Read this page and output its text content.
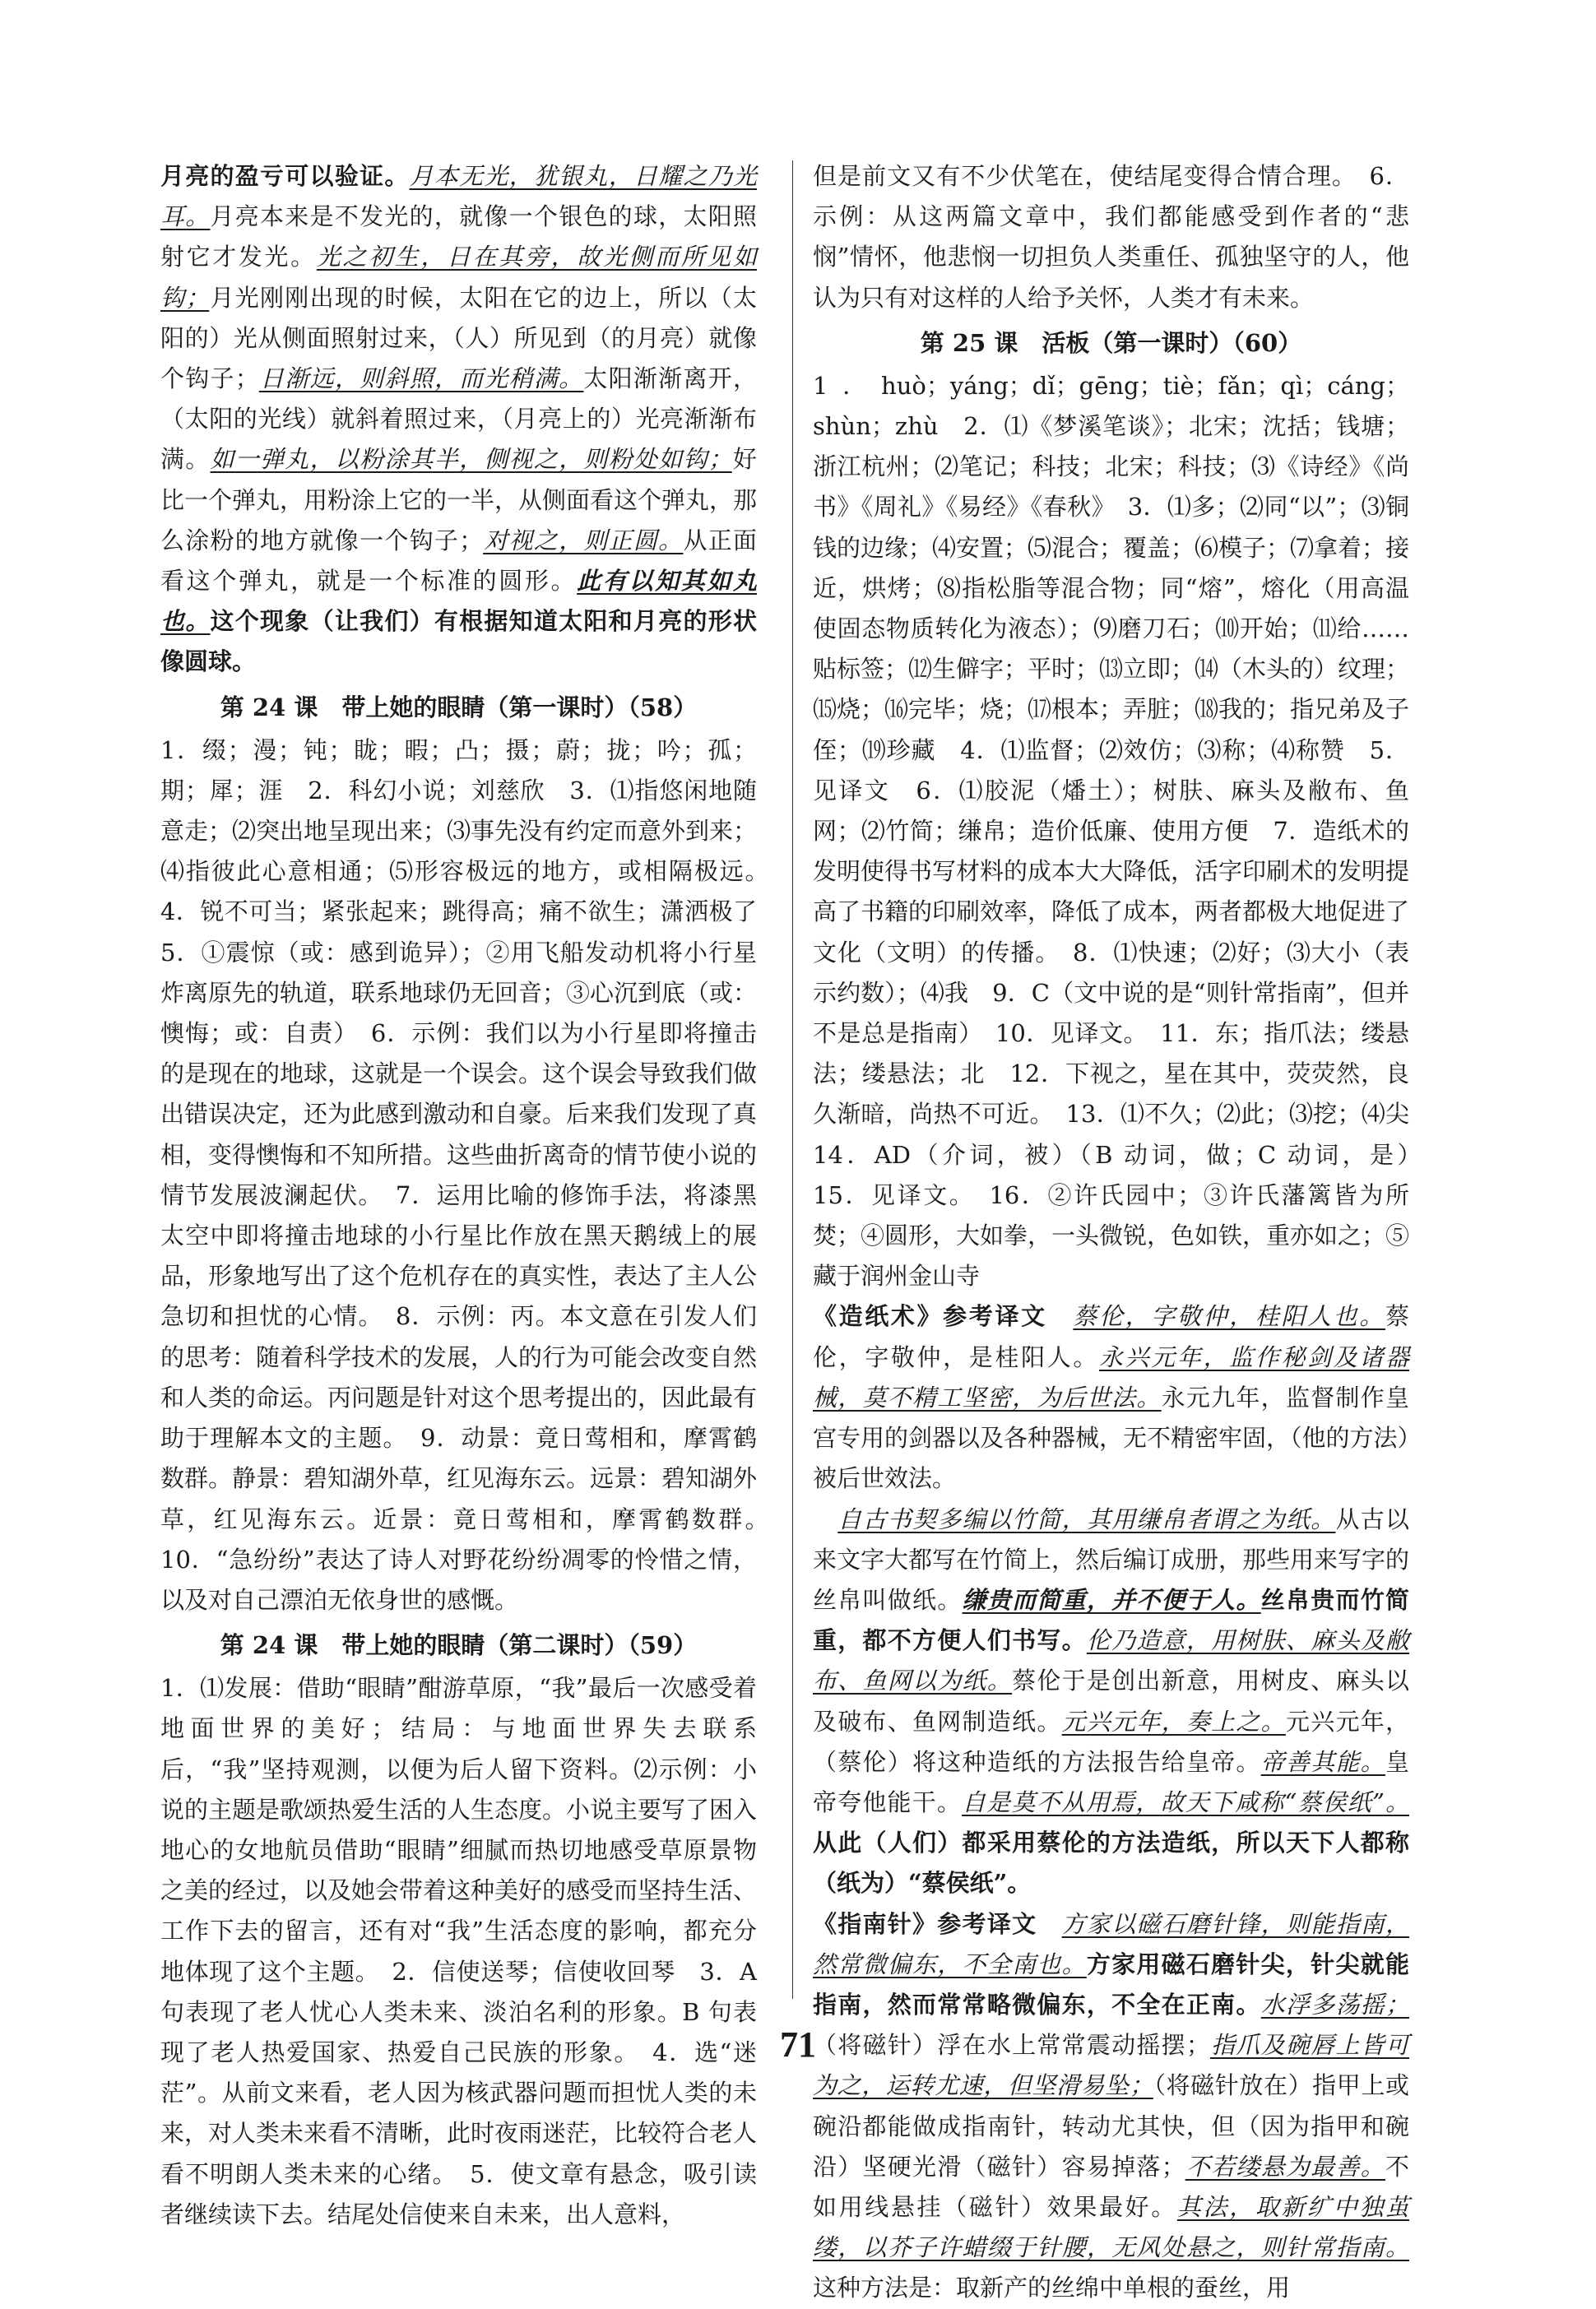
月亮的盈亏可以验证。月本无光，犹银丸，日耀之乃光耳。月亮本来是不发光的，就像一个银色的球，太阳照射它才发光。光之初生，日在其旁，故光侧而所见如钩；月光刚刚出现的时候，太阳在它的边上，所以（太阳的）光从侧面照射过来，（人）所见到（的月亮）就像个钩子；日渐远，则斜照，而光稍满。太阳渐渐离开，（太阳的光线）就斜着照过来，（月亮上的）光亮渐渐布满。如一弹丸，以粉涂其半，侧视之，则粉处如钩；好比一个弹丸，用粉涂上它的一半，从侧面看这个弹丸，那么涂粉的地方就像一个钩子；对视之，则正圆。从正面看这个弹丸，就是一个标准的圆形。此有以知其如丸也。这个现象（让我们）有根据知道太阳和月亮的形状像圆球。

第 24 课　带上她的眼睛（第一课时）（58）

1．缀；漫；钝；眬；暇；凸；摄；蔚；拢；吟；孤；期；犀；涯　2．科幻小说；刘慈欣　3．⑴指悠闲地随意走；⑵突出地呈现出来；⑶事先没有约定而意外到来；⑷指彼此心意相通；⑸形容极远的地方，或相隔极远。　4．锐不可当；紧张起来；跳得高；痛不欲生；潇洒极了　5．①震惊（或：感到诡异）；②用飞船发动机将小行星炸离原先的轨道，联系地球仍无回音；③心沉到底（或：懊悔；或：自责）　6．示例：我们以为小行星即将撞击的是现在的地球，这就是一个误会。这个误会导致我们做出错误决定，还为此感到激动和自豪。后来我们发现了真相，变得懊悔和不知所措。这些曲折离奇的情节使小说的情节发展波澜起伏。　7．运用比喻的修饰手法，将漆黑太空中即将撞击地球的小行星比作放在黑天鹅绒上的展品，形象地写出了这个危机存在的真实性，表达了主人公急切和担忧的心情。　8．示例：丙。本文意在引发人们的思考：随着科学技术的发展，人的行为可能会改变自然和人类的命运。丙问题是针对这个思考提出的，因此最有助于理解本文的主题。　9．动景：竟日莺相和，摩霄鹤数群。静景：碧知湖外草，红见海东云。远景：碧知湖外草，红见海东云。近景：竟日莺相和，摩霄鹤数群。　10．“急纷纷”表达了诗人对野花纷纷凋零的怜惜之情，以及对自己漂泊无依身世的感慨。

第 24 课　带上她的眼睛（第二课时）（59）

1．⑴发展：借助“眼睛”酣游草原，“我”最后一次感受着地面世界的美好；结局：与地面世界失去联系后，“我”坚持观测，以便为后人留下资料。⑵示例：小说的主题是歌颂热爱生活的人生态度。小说主要写了困入地心的女地航员借助“眼睛”细腻而热切地感受草原景物之美的经过，以及她会带着这种美好的感受而坚持生活、工作下去的留言，还有对“我”生活态度的影响，都充分地体现了这个主题。　2．信使送琴；信使收回琴　3．A 句表现了老人忧心人类未来、淡泊名利的形象。B 句表现了老人热爱国家、热爱自己民族的形象。　4．选“迷茫”。从前文来看，老人因为核武器问题而担忧人类的未来，对人类未来看不清晰，此时夜雨迷茫，比较符合老人看不明朗人类未来的心绪。　5．使文章有悬念，吸引读者继续读下去。结尾处信使来自未来，出人意料，

但是前文又有不少伏笔在，使结尾变得合情合理。　6．示例：从这两篇文章中，我们都能感受到作者的“悲悯”情怀，他悲悯一切担负人类重任、孤独坚守的人，他认为只有对这样的人给予关怀，人类才有未来。

第 25 课　活板（第一课时）（60）

1．huò；yáng；dǐ；gēng；tiè；fǎn；qì；cáng；shùn；zhù　2．⑴《梦溪笔谈》；北宋；沈括；钱塘；浙江杭州；⑵笔记；科技；北宋；科技；⑶《诗经》《尚书》《周礼》《易经》《春秋》　3．⑴多；⑵同“以”；⑶铜钱的边缘；⑷安置；⑸混合；覆盖；⑹模子；⑺拿着；接近，烘烤；⑻指松脂等混合物；同“熔”，熔化（用高温使固态物质转化为液态）；⑼磨刀石；⑽开始；⑾给……贴标签；⑿生僻字；平时；⒀立即；⒁（木头的）纹理；⒂烧；⒃完毕；烧；⒄根本；弄脏；⒅我的；指兄弟及子侄；⒆珍藏　4．⑴监督；⑵效仿；⑶称；⑷称赞　5．见译文　6．⑴胶泥（燔土）；树肤、麻头及敝布、鱼网；⑵竹简；缣帛；造价低廉、使用方便　7．造纸术的发明使得书写材料的成本大大降低，活字印刷术的发明提高了书籍的印刷效率，降低了成本，两者都极大地促进了文化（文明）的传播。　8．⑴快速；⑵好；⑶大小（表示约数）；⑷我　9．C（文中说的是“则针常指南”，但并不是总是指南）　10．见译文。　11．东；指爪法；缕悬法；缕悬法；北　12．下视之，星在其中，荧荧然，良久渐暗，尚热不可近。　13．⑴不久；⑵此；⑶挖；⑷尖　14．AD（介词，被）（B 动词，做；C 动词，是）　15．见译文。　16．②许氏园中；③许氏藩篱皆为所焚；④圆形，大如拳，一头微锐，色如铁，重亦如之；⑤藏于润州金山寺

《造纸术》参考译文　蔡伦，字敬仲，桂阳人也。蔡伦，字敬仲，是桂阳人。永兴元年，监作秘剑及诸器械，莫不精工坚密，为后世法。永元九年，监督制作皇宫专用的剑器以及各种器械，无不精密牢固，（他的方法）被后世效法。

　自古书契多编以竹简，其用缣帛者谓之为纸。从古以来文字大都写在竹简上，然后编订成册，那些用来写字的丝帛叫做纸。缣贵而简重，并不便于人。丝帛贵而竹简重，都不方便人们书写。伦乃造意，用树肤、麻头及敝布、鱼网以为纸。蔡伦于是创出新意，用树皮、麻头以及破布、鱼网制造纸。元兴元年，奏上之。元兴元年，（蔡伦）将这种造纸的方法报告给皇帝。帝善其能。皇帝夸他能干。自是莫不从用焉，故天下咸称“蔡侯纸”。从此（人们）都采用蔡伦的方法造纸，所以天下人都称（纸为）“蔡侯纸”。

《指南针》参考译文　方家以磁石磨针锋，则能指南，然常微偏东，不全南也。方家用磁石磨针尖，针尖就能指南，然而常常略微偏东，不全在正南。水浮多荡摇；（将磁针）浮在水上常常震动摇摆；指爪及碗唇上皆可为之，运转尤速，但坚滑易坠；（将磁针放在）指甲上或碗沿都能做成指南针，转动尤其快，但（因为指甲和碗沿）坚硬光滑（磁针）容易掉落；不若缕悬为最善。不如用线悬挂（磁针）效果最好。其法，取新纩中独茧缕，以芥子许蜡缀于针腰，无风处悬之，则针常指南。这种方法是：取新产的丝绵中单根的蚕丝，用

71
